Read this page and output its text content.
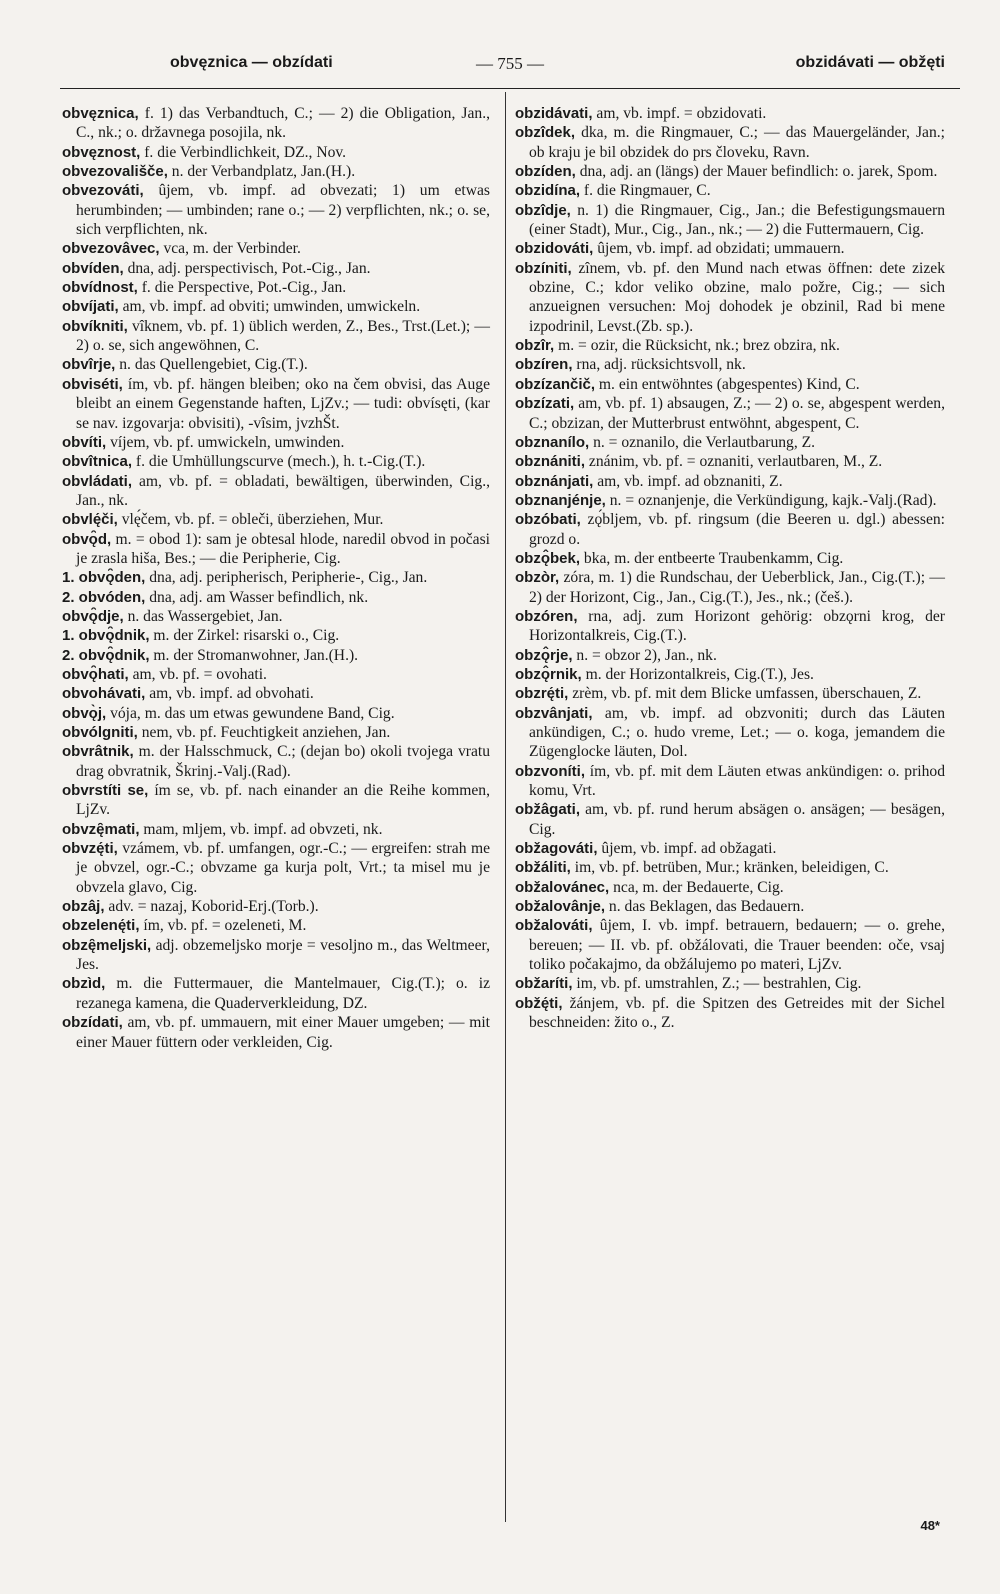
obvęznica — obzídati	— 755 —	obzidávati — obžęti

obvęznica, f. 1) das Verbandtuch, C.; — 2) die Obligation, Jan., C., nk.; o. državnega posojila, nk.

obvęznost, f. die Verbindlichkeit, DZ., Nov.

obvezovališče, n. der Verbandplatz, Jan.(H.).

obvezováti, ûjem, vb. impf. ad obvezati; 1) um etwas herumbinden; — umbinden; rane o.; — 2) verpflichten, nk.; o. se, sich verpflichten, nk.

obvezovâvec, vca, m. der Verbinder.

obvíden, dna, adj. perspectivisch, Pot.-Cig., Jan.

obvídnost, f. die Perspective, Pot.-Cig., Jan.

obvíjati, am, vb. impf. ad obviti; umwinden, umwickeln.

obvíkniti, vîknem, vb. pf. 1) üblich werden, Z., Bes., Trst.(Let.); — 2) o. se, sich angewöhnen, C.

obvîrje, n. das Quellengebiet, Cig.(T.).

obviséti, ím, vb. pf. hängen bleiben; oko na čem obvisi, das Auge bleibt an einem Gegenstande haften, LjZv.; — tudi: obvísęti, (kar se nav. izgovarja: obvisiti), -vîsim, jvzhŠt.

obvíti, víjem, vb. pf. umwickeln, umwinden.

obvîtnica, f. die Umhüllungscurve (mech.), h. t.-Cig.(T.).

obvládati, am, vb. pf. = obladati, bewältigen, überwinden, Cig., Jan., nk.

obvlę́či, vlę́čem, vb. pf. = obleči, überziehen, Mur.

obvǫ̑d, m. = obod 1): sam je obtesal hlode, naredil obvod in počasi je zrasla hiša, Bes.; — die Peripherie, Cig.

1. obvǫ̑den, dna, adj. peripherisch, Peripherie-, Cig., Jan.

2. obvóden, dna, adj. am Wasser befindlich, nk.

obvǫ̑dje, n. das Wassergebiet, Jan.

1. obvǫ̑dnik, m. der Zirkel: risarski o., Cig.

2. obvǫ̑dnik, m. der Stromanwohner, Jan.(H.).

obvǫ̑hati, am, vb. pf. = ovohati.

obvohávati, am, vb. impf. ad obvohati.

obvǫ̀j, vója, m. das um etwas gewundene Band, Cig.

obvólgniti, nem, vb. pf. Feuchtigkeit anziehen, Jan.

obvrâtnik, m. der Halsschmuck, C.; (dejan bo) okoli tvojega vratu drag obvratnik, Škrinj.-Valj.(Rad).

obvrstíti se, ím se, vb. pf. nach einander an die Reihe kommen, LjZv.

obvzę̑mati, mam, mljem, vb. impf. ad obvzeti, nk.

obvzę́ti, vzámem, vb. pf. umfangen, ogr.-C.; — ergreifen: strah me je obvzel, ogr.-C.; obvzame ga kurja polt, Vrt.; ta misel mu je obvzela glavo, Cig.

obzâj, adv. = nazaj, Koborid-Erj.(Torb.).

obzelenę́ti, ím, vb. pf. = ozeleneti, M.

obzę̑meljski, adj. obzemeljsko morje = vesoljno m., das Weltmeer, Jes.

obzìd, m. die Futtermauer, die Mantelmauer, Cig.(T.); o. iz rezanega kamena, die Quaderverkleidung, DZ.

obzídati, am, vb. pf. ummauern, mit einer Mauer umgeben; — mit einer Mauer füttern oder verkleiden, Cig.

obzidávati, am, vb. impf. = obzidovati.

obzîdek, dka, m. die Ringmauer, C.; — das Mauergeländer, Jan.; ob kraju je bil obzidek do prs človeku, Ravn.

obzíden, dna, adj. an (längs) der Mauer befindlich: o. jarek, Spom.

obzidína, f. die Ringmauer, C.

obzîdje, n. 1) die Ringmauer, Cig., Jan.; die Befestigungsmauern (einer Stadt), Mur., Cig., Jan., nk.; — 2) die Futtermauern, Cig.

obzidováti, ûjem, vb. impf. ad obzidati; ummauern.

obzíniti, zînem, vb. pf. den Mund nach etwas öffnen: dete zizek obzine, C.; kdor veliko obzine, malo požre, Cig.; — sich anzueignen versuchen: Moj dohodek je obzinil, Rad bi mene izpodrinil, Levst.(Zb. sp.).

obzîr, m. = ozir, die Rücksicht, nk.; brez obzira, nk.

obzíren, rna, adj. rücksichtsvoll, nk.

obzízančič, m. ein entwöhntes (abgespentes) Kind, C.

obzízati, am, vb. pf. 1) absaugen, Z.; — 2) o. se, abgespent werden, C.; obzizan, der Mutterbrust entwöhnt, abgespent, C.

obznanílo, n. = oznanilo, die Verlautbarung, Z.

obznániti, znánim, vb. pf. = oznaniti, verlautbaren, M., Z.

obznánjati, am, vb. impf. ad obznaniti, Z.

obznanjénje, n. = oznanjenje, die Verkündigung, kajk.-Valj.(Rad).

obzóbati, zǫ́bljem, vb. pf. ringsum (die Beeren u. dgl.) abessen: grozd o.

obzǫ̂bek, bka, m. der entbeerte Traubenkamm, Cig.

obzòr, zóra, m. 1) die Rundschau, der Ueberblick, Jan., Cig.(T.); — 2) der Horizont, Cig., Jan., Cig.(T.), Jes., nk.; (češ.).

obzóren, rna, adj. zum Horizont gehörig: obzǫrni krog, der Horizontalkreis, Cig.(T.).

obzǫ̂rje, n. = obzor 2), Jan., nk.

obzǫ̂rnik, m. der Horizontalkreis, Cig.(T.), Jes.

obzrę́ti, zrèm, vb. pf. mit dem Blicke umfassen, überschauen, Z.

obzvânjati, am, vb. impf. ad obzvoniti; durch das Läuten ankündigen, C.; o. hudo vreme, Let.; — o. koga, jemandem die Zügenglocke läuten, Dol.

obzvoníti, ím, vb. pf. mit dem Läuten etwas ankündigen: o. prihod komu, Vrt.

obžâgati, am, vb. pf. rund herum absägen o. ansägen; — besägen, Cig.

obžagováti, ûjem, vb. impf. ad obžagati.

obžáliti, im, vb. pf. betrüben, Mur.; kränken, beleidigen, C.

obžalovánec, nca, m. der Bedauerte, Cig.

obžalovânje, n. das Beklagen, das Bedauern.

obžalováti, ûjem, I. vb. impf. betrauern, bedauern; — o. grehe, bereuen; — II. vb. pf. obžálovati, die Trauer beenden: oče, vsaj toliko počakajmo, da obžálujemo po materi, LjZv.

obžaríti, im, vb. pf. umstrahlen, Z.; — bestrahlen, Cig.

obžę́ti, žánjem, vb. pf. die Spitzen des Getreides mit der Sichel beschneiden: žito o., Z.

48*
